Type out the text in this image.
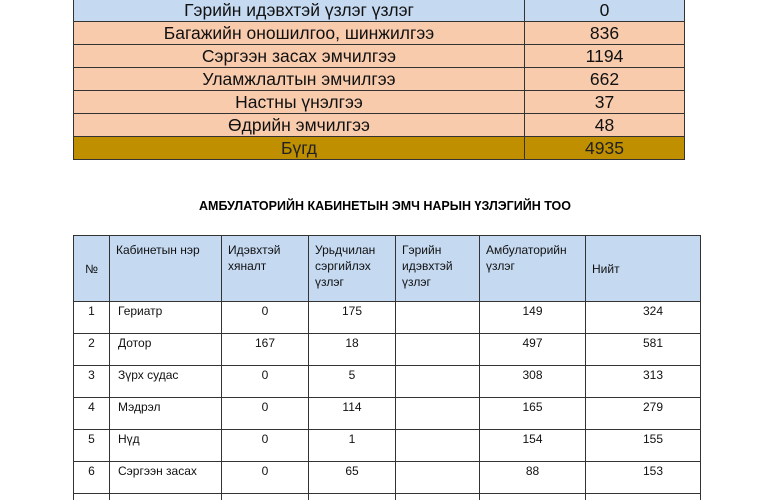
Гэрийн идэвхтэй үзлэг үзлэг	0
Багажийн оношилгоо, шинжилгээ	836
Сэргээн засах эмчилгээ	1194
Уламжлалтын эмчилгээ	662
Настны үнэлгээ	37
Өдрийн эмчилгээ	48
Бүгд	4935
АМБУЛАТОРИЙН КАБИНЕТЫН ЭМЧ НАРЫН ҮЗЛЭГИЙН ТОО
№	Кабинетын нэр	Идэвхтэй хяналт	Урьдчилан сэргийлэх үзлэг	Гэрийн идэвхтэй үзлэг	Амбулаторийн үзлэг	Нийт
1	Гериатр	0	175		149	324
2	Дотор	167	18		497	581
3	Зүрх судас	0	5		308	313
4	Мэдрэл	0	114		165	279
5	Нүд	0	1		154	155
6	Сэргээн засах	0	65		88	153
